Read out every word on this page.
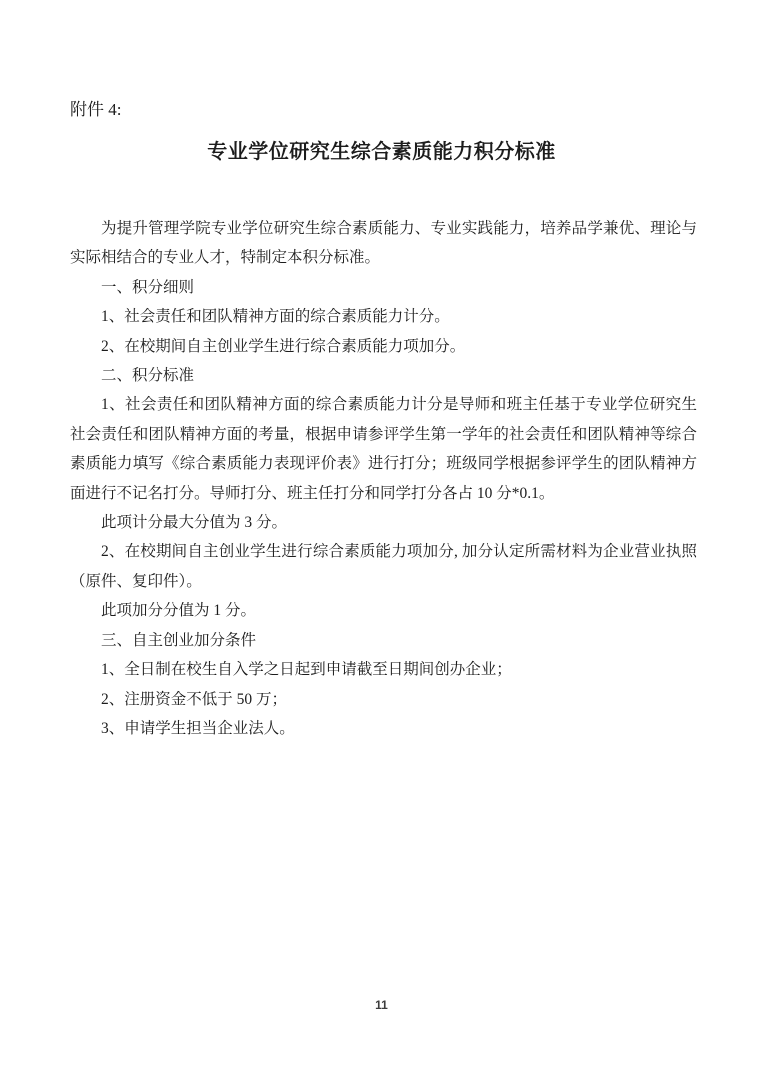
附件 4:
专业学位研究生综合素质能力积分标准

为提升管理学院专业学位研究生综合素质能力、专业实践能力，培养品学兼优、理论与实际相结合的专业人才，特制定本积分标准。

一、积分细则

1、社会责任和团队精神方面的综合素质能力计分。

2、在校期间自主创业学生进行综合素质能力项加分。

二、积分标准

1、社会责任和团队精神方面的综合素质能力计分是导师和班主任基于专业学位研究生社会责任和团队精神方面的考量，根据申请参评学生第一学年的社会责任和团队精神等综合素质能力填写《综合素质能力表现评价表》进行打分；班级同学根据参评学生的团队精神方面进行不记名打分。导师打分、班主任打分和同学打分各占 10 分*0.1。

此项计分最大分值为 3 分。

2、在校期间自主创业学生进行综合素质能力项加分, 加分认定所需材料为企业营业执照（原件、复印件）。

此项加分分值为 1 分。

三、自主创业加分条件

1、全日制在校生自入学之日起到申请截至日期间创办企业；

2、注册资金不低于 50 万；

3、申请学生担当企业法人。

11
